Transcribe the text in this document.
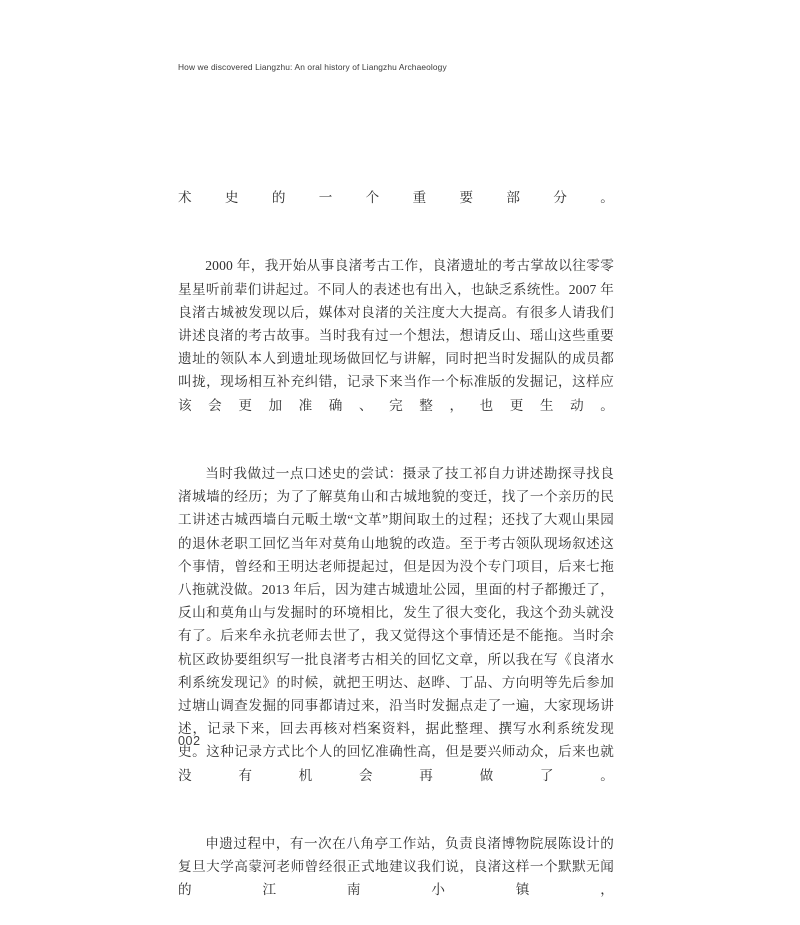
How we discovered Liangzhu: An oral history of Liangzhu Archaeology

术史的一个重要部分。

2000 年，我开始从事良渚考古工作，良渚遗址的考古掌故以往零零星星听前辈们讲起过。不同人的表述也有出入，也缺乏系统性。2007 年良渚古城被发现以后，媒体对良渚的关注度大大提高。有很多人请我们讲述良渚的考古故事。当时我有过一个想法，想请反山、瑶山这些重要遗址的领队本人到遗址现场做回忆与讲解，同时把当时发掘队的成员都叫拢，现场相互补充纠错，记录下来当作一个标准版的发掘记，这样应该会更加准确、完整，也更生动。

当时我做过一点口述史的尝试：摄录了技工祁自力讲述勘探寻找良渚城墙的经历；为了了解莫角山和古城地貌的变迁，找了一个亲历的民工讲述古城西墙白元畈土墩“文革”期间取土的过程；还找了大观山果园的退休老职工回忆当年对莫角山地貌的改造。至于考古领队现场叙述这个事情，曾经和王明达老师提起过，但是因为没个专门项目，后来七拖八拖就没做。2013 年后，因为建古城遗址公园，里面的村子都搬迁了，反山和莫角山与发掘时的环境相比，发生了很大变化，我这个劲头就没有了。后来牟永抗老师去世了，我又觉得这个事情还是不能拖。当时余杭区政协要组织写一批良渚考古相关的回忆文章，所以我在写《良渚水利系统发现记》的时候，就把王明达、赵晔、丁品、方向明等先后参加过塘山调查发掘的同事都请过来，沿当时发掘点走了一遍，大家现场讲述，记录下来，回去再核对档案资料，据此整理、撰写水利系统发现史。这种记录方式比个人的回忆准确性高，但是要兴师动众，后来也就没有机会再做了。

申遗过程中，有一次在八角亭工作站，负责良渚博物院展陈设计的复旦大学高蒙河老师曾经很正式地建议我们说，良渚这样一个默默无闻的江南小镇，

002
